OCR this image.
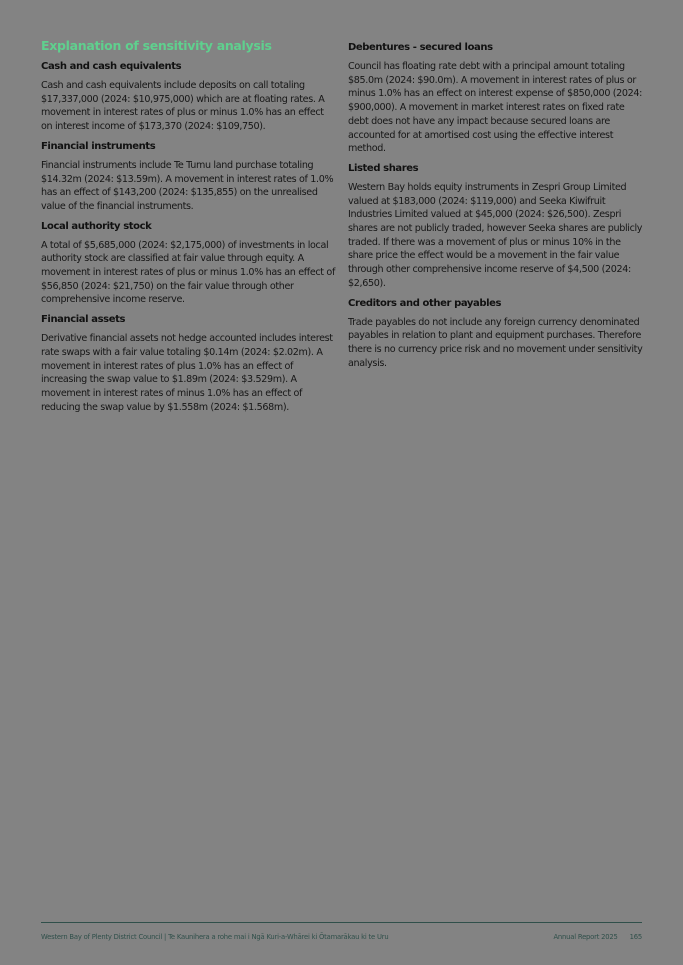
Explanation of sensitivity analysis
Cash and cash equivalents

Cash and cash equivalents include deposits on call totaling $17,337,000 (2024: $10,975,000) which are at floating rates. A movement in interest rates of plus or minus 1.0% has an effect on interest income of $173,370 (2024: $109,750).

Financial instruments

Financial instruments include Te Tumu land purchase totaling $14.32m (2024: $13.59m). A movement in interest rates of 1.0% has an effect of $143,200 (2024: $135,855) on the unrealised value of the financial instruments.

Local authority stock

A total of $5,685,000 (2024: $2,175,000) of investments in local authority stock are classified at fair value through equity. A movement in interest rates of plus or minus 1.0% has an effect of $56,850 (2024: $21,750) on the fair value through other comprehensive income reserve.

Financial assets

Derivative financial assets not hedge accounted includes interest rate swaps with a fair value totaling $0.14m (2024: $2.02m). A movement in interest rates of plus 1.0% has an effect of increasing the swap value to $1.89m (2024: $3.529m). A movement in interest rates of minus 1.0% has an effect of reducing the swap value by $1.558m (2024: $1.568m).

Debentures - secured loans

Council has floating rate debt with a principal amount totaling $85.0m (2024: $90.0m). A movement in interest rates of plus or minus 1.0% has an effect on interest expense of $850,000 (2024: $900,000). A movement in market interest rates on fixed rate debt does not have any impact because secured loans are accounted for at amortised cost using the effective interest method.

Listed shares

Western Bay holds equity instruments in Zespri Group Limited valued at $183,000 (2024: $119,000) and Seeka Kiwifruit Industries Limited valued at $45,000 (2024: $26,500). Zespri shares are not publicly traded, however Seeka shares are publicly traded. If there was a movement of plus or minus 10% in the share price the effect would be a movement in the fair value through other comprehensive income reserve of $4,500 (2024: $2,650).

Creditors and other payables

Trade payables do not include any foreign currency denominated payables in relation to plant and equipment purchases. Therefore there is no currency price risk and no movement under sensitivity analysis.

Western Bay of Plenty District Council | Te Kaunihera a rohe mai i Ngā Kuri-a-Whārei ki Ōtamarākau ki te Uru	Annual Report 2025 165
